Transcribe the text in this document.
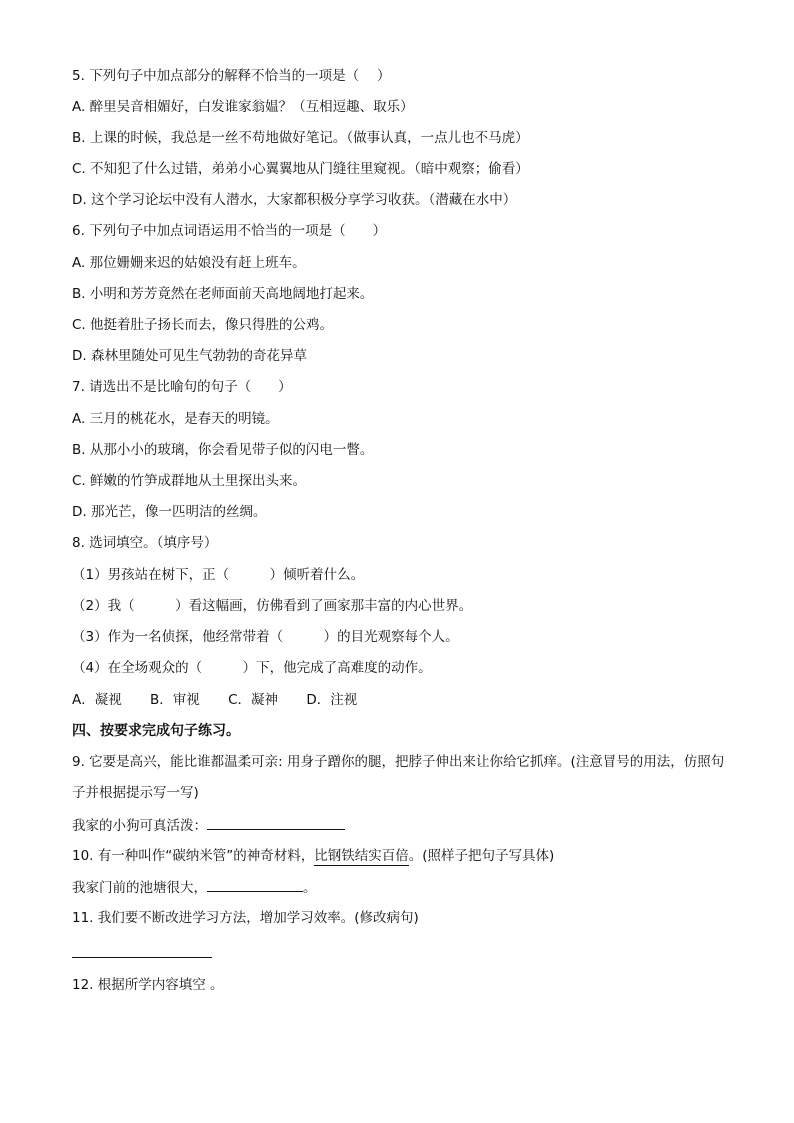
5. 下列句子中加点部分的解释不恰当的一项是（　 ）
A. 醉里吴音相媚好，白发谁家翁媪？（互相逗趣、取乐）
B. 上课的时候，我总是一丝不苟地做好笔记。（做事认真，一点儿也不马虎）
C. 不知犯了什么过错，弟弟小心翼翼地从门缝往里窥视。（暗中观察；偷看）
D. 这个学习论坛中没有人潜水，大家都积极分享学习收获。（潜藏在水中）
6. 下列句子中加点词语运用不恰当的一项是（　　）
A. 那位姗姗来迟的姑娘没有赶上班车。
B. 小明和芳芳竟然在老师面前天高地阔地打起来。
C. 他挺着肚子扬长而去，像只得胜的公鸡。
D. 森林里随处可见生气勃勃的奇花异草
7. 请选出不是比喻句的句子（　　）
A. 三月的桃花水，是春天的明镜。
B. 从那小小的玻璃，你会看见带子似的闪电一瞥。
C. 鲜嫩的竹笋成群地从土里探出头来。
D. 那光芒，像一匹明洁的丝绸。
8. 选词填空。（填序号）
（1）男孩站在树下，正（　　　）倾听着什么。
（2）我（　　　）看这幅画，仿佛看到了画家那丰富的内心世界。
（3）作为一名侦探，他经常带着（　　　）的目光观察每个人。
（4）在全场观众的（　　　）下，他完成了高难度的动作。
A．凝视 B．审视 C．凝神 D．注视
四、按要求完成句子练习。
9. 它要是高兴，能比谁都温柔可亲: 用身子蹭你的腿，把脖子伸出来让你给它抓痒。(注意冒号的用法，仿照句子并根据提示写一写)
我家的小狗可真活泼：
10. 有一种叫作“碳纳米管”的神奇材料，比钢铁结实百倍。(照样子把句子写具体)
我家门前的池塘很大，	。
11. 我们要不断改进学习方法，增加学习效率。(修改病句)
12. 根据所学内容填空 。
